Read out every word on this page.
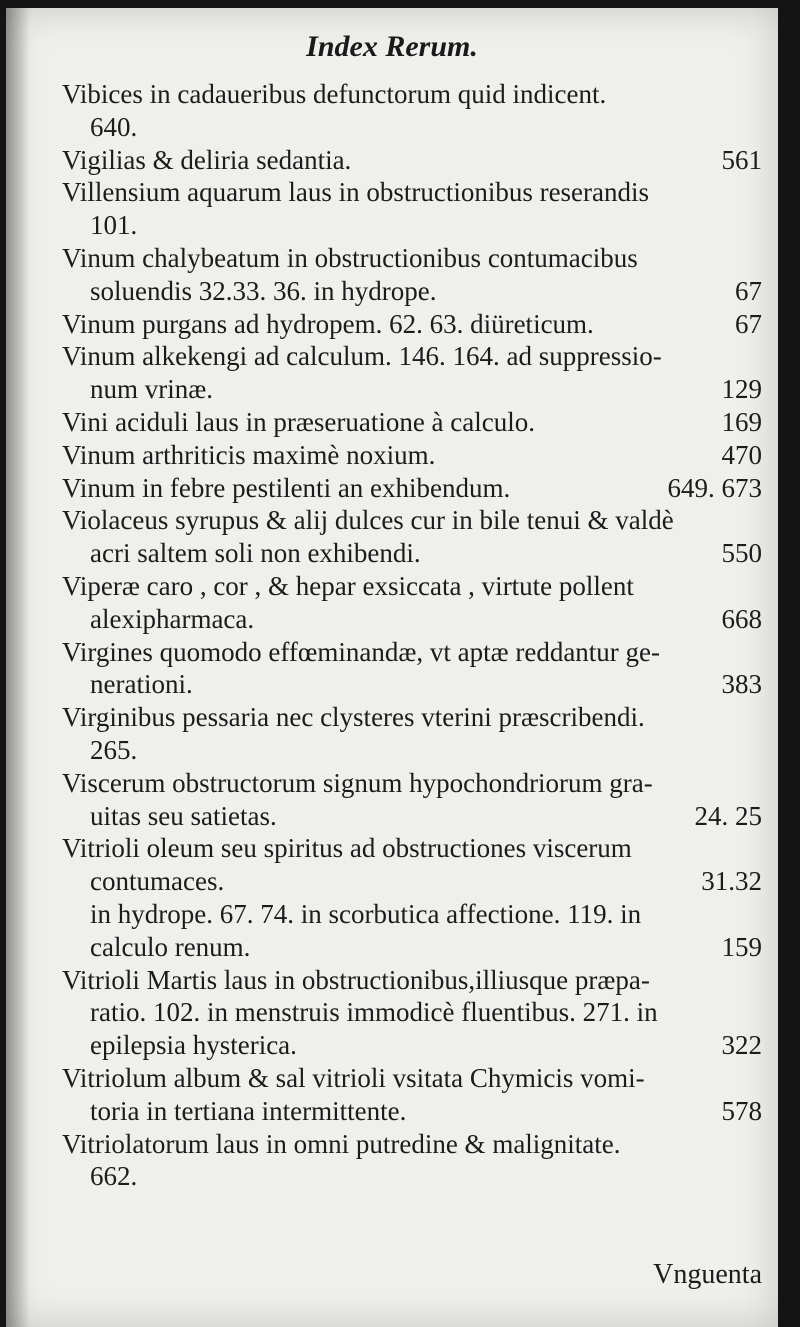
Index Rerum.
Vibices in cadaueribus defunctorum quid indicent.
640.
Vigilias & deliria sedantia.	561
Villensium aquarum laus in obstructionibus reserandis
101.
Vinum chalybeatum in obstructionibus contumacibus
soluendis 32.33. 36. in hydrope.	67
Vinum purgans ad hydropem. 62. 63. diüreticum.	67
Vinum alkekengi ad calculum. 146. 164. ad suppressio-
num vrinæ.	129
Vini aciduli laus in præseruatione à calculo.	169
Vinum arthriticis maximè noxium.	470
Vinum in febre pestilenti an exhibendum.	649. 673
Violaceus syrupus & alij dulces cur in bile tenui & valdè
acri saltem soli non exhibendi.	550
Viperæ caro , cor , & hepar exsiccata , virtute pollent
alexipharmaca.	668
Virgines quomodo effœminandæ, vt aptæ reddantur ge-
nerationi.	383
Virginibus pessaria nec clysteres vterini præscribendi.
265.
Viscerum obstructorum signum hypochondriorum gra-
uitas seu satietas.	24. 25
Vitrioli oleum seu spiritus ad obstructiones viscerum
contumaces.	31.32
in hydrope. 67. 74. in scorbutica affectione. 119. in
calculo renum.	159
Vitrioli Martis laus in obstructionibus,illiusque præpa-
ratio. 102. in menstruis immodicè fluentibus. 271. in
epilepsia hysterica.	322
Vitriolum album & sal vitrioli vsitata Chymicis vomi-
toria in tertiana intermittente.	578
Vitriolatorum laus in omni putredine & malignitate.
662.
Vnguenta
